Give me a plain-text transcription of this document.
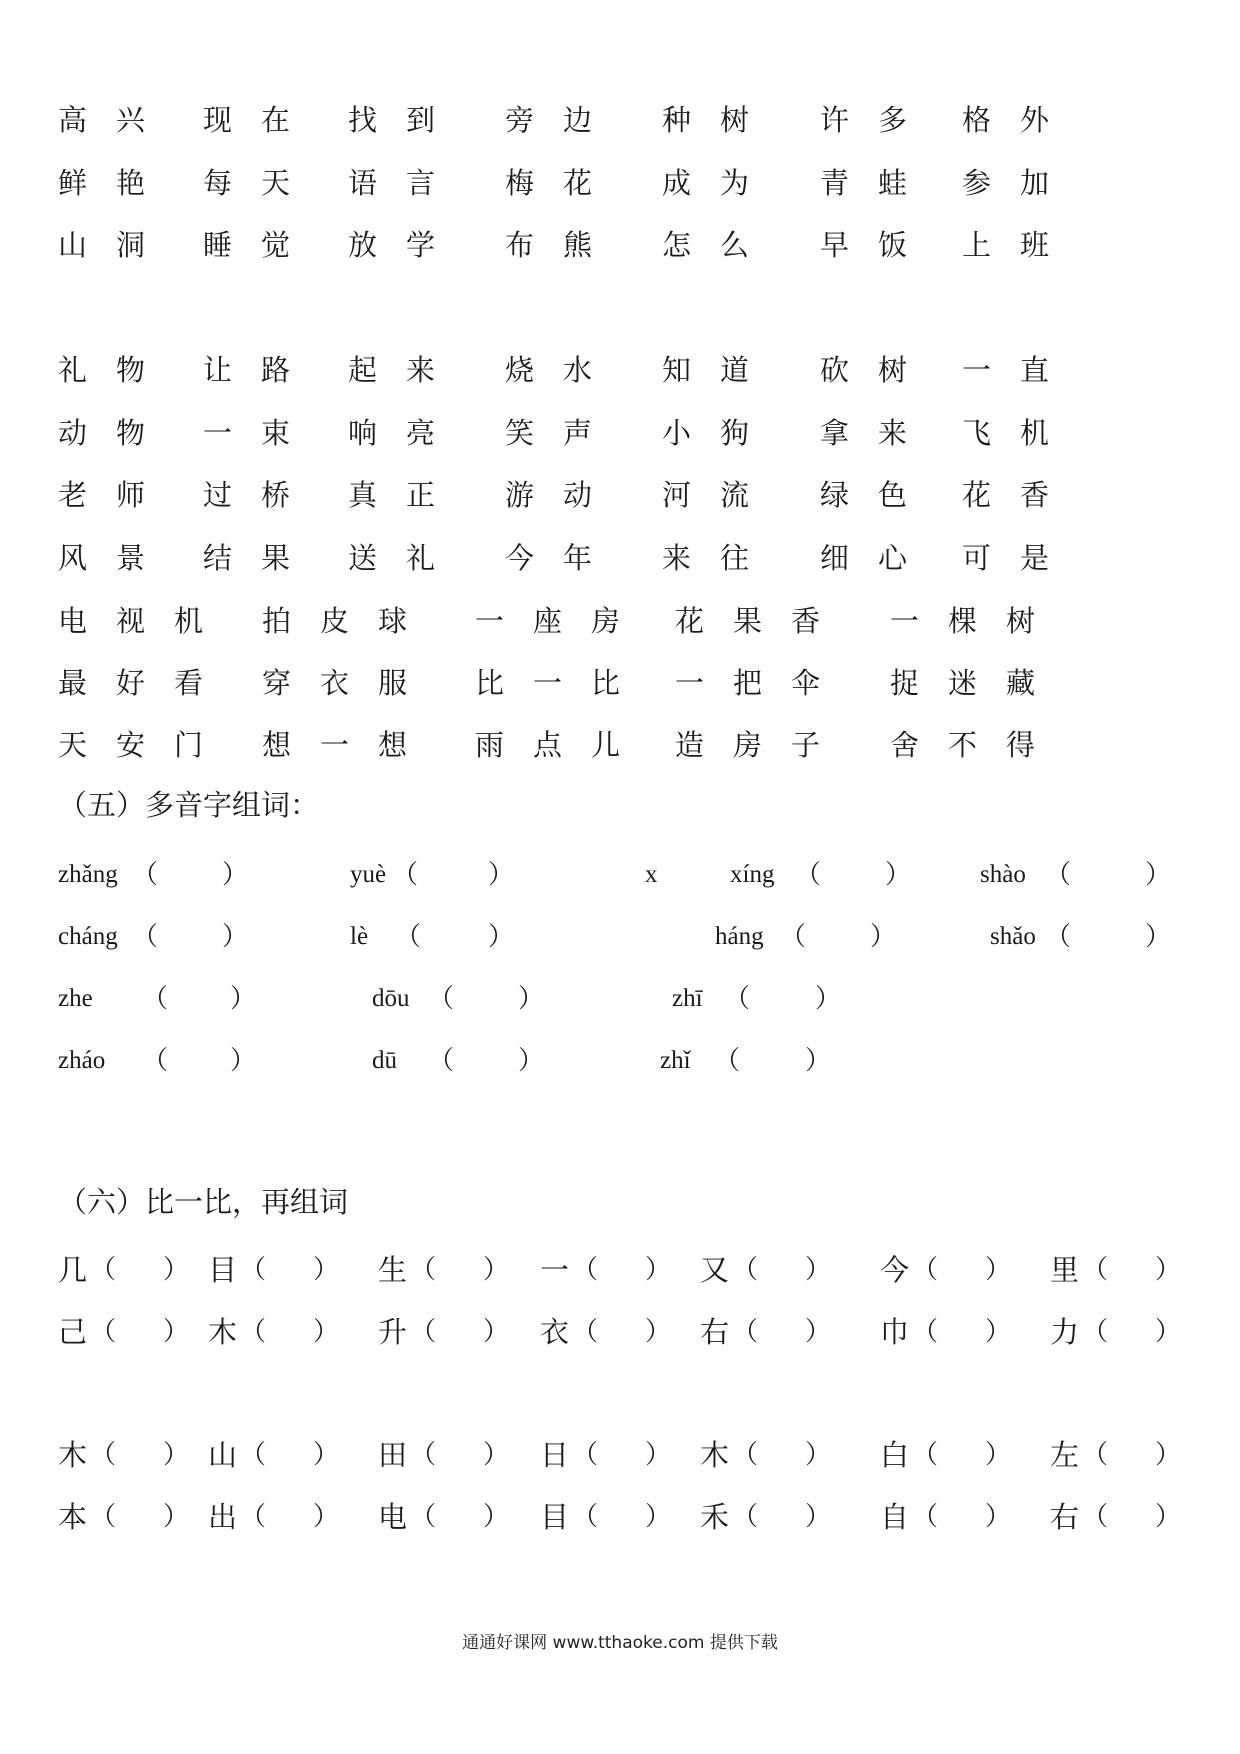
高 兴	现 在	找 到	旁 边	种 树	许 多	格 外
鲜 艳	每 天	语 言	梅 花	成 为	青 蛙	参 加
山 洞	睡 觉	放 学	布 熊	怎 么	早 饭	上 班
礼 物	让 路	起 来	烧 水	知 道	砍 树	一 直
动 物	一 束	响 亮	笑 声	小 狗	拿 来	飞 机
老 师	过 桥	真 正	游 动	河 流	绿 色	花 香
风 景	结 果	送 礼	今 年	来 往	细 心	可 是
电 视 机	拍 皮 球	一 座 房	花 果 香	一 棵 树
最 好 看	穿 衣 服	比 一 比	一 把 伞	捉 迷 藏
天 安 门	想 一 想	雨 点 儿	造 房 子	舍 不 得
（五）多音字组词：
zhǎng （ ）	yuè （	）	x	xíng （ ）	shào （	）
cháng （ ）	lè （	）	háng （ ）	shǎo （	）
zhe （ ）	dōu （ ）	zhī （ ）
zháo （ ）	dū （ ）	zhǐ （ ）
（六）比一比，再组词
几 （ ） 目 （ ） 生 （ ） 一 （ ） 又 （ ） 今 （ ） 里 （ ）
己 （ ） 木 （ ） 升 （ ） 衣 （ ） 右 （ ） 巾 （ ） 力 （ ）
木 （ ） 山 （ ） 田 （ ） 日 （ ） 木 （ ） 白 （ ） 左 （ ）
本 （ ） 出 （ ） 电 （ ） 目 （ ） 禾 （ ） 自 （ ） 右 （ ）
通通好课网 www.tthaoke.com 提供下载
